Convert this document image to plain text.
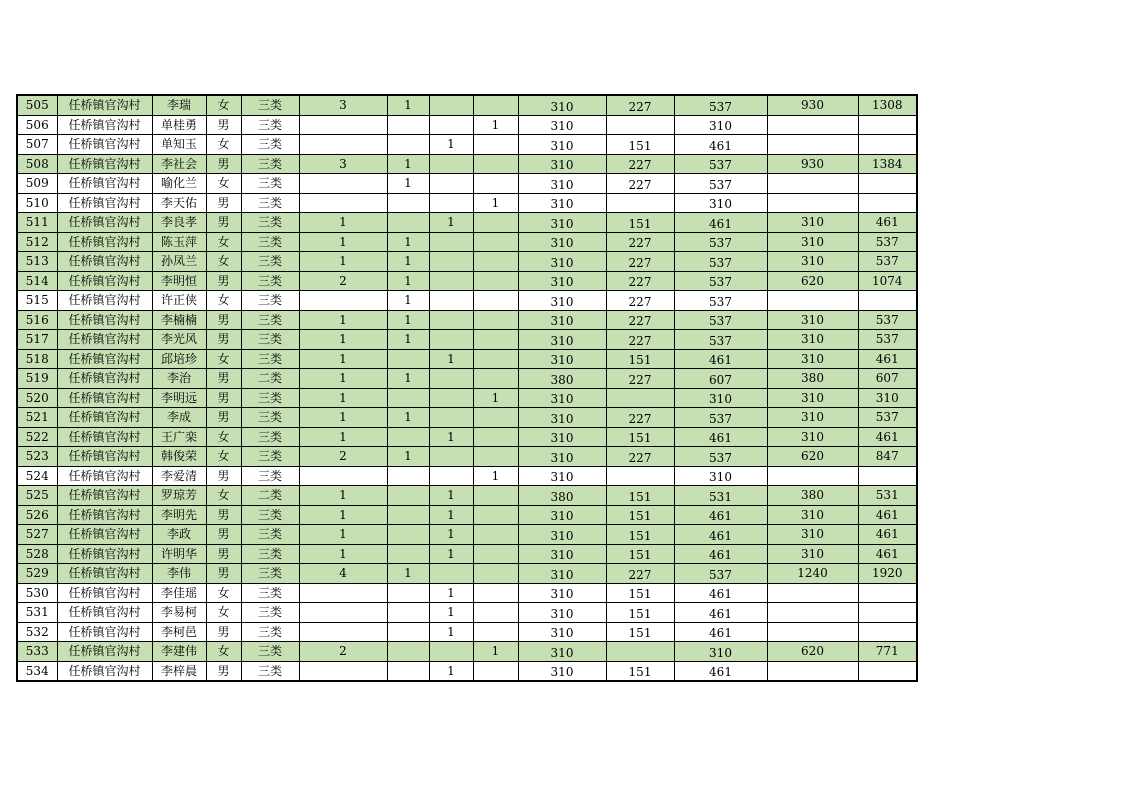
505	任桥镇官沟村	李瑞	女	三类	3	1			310	227	537	930	1308
506	任桥镇官沟村	单桂勇	男	三类				1	310		310		
507	任桥镇官沟村	单知玉	女	三类			1		310	151	461		
508	任桥镇官沟村	李社会	男	三类	3	1			310	227	537	930	1384
509	任桥镇官沟村	喻化兰	女	三类		1			310	227	537		
510	任桥镇官沟村	李天佑	男	三类				1	310		310		
511	任桥镇官沟村	李良孝	男	三类	1		1		310	151	461	310	461
512	任桥镇官沟村	陈玉萍	女	三类	1	1			310	227	537	310	537
513	任桥镇官沟村	孙凤兰	女	三类	1	1			310	227	537	310	537
514	任桥镇官沟村	李明恒	男	三类	2	1			310	227	537	620	1074
515	任桥镇官沟村	许正侠	女	三类		1			310	227	537		
516	任桥镇官沟村	李楠楠	男	三类	1	1			310	227	537	310	537
517	任桥镇官沟村	李光风	男	三类	1	1			310	227	537	310	537
518	任桥镇官沟村	邱培珍	女	三类	1		1		310	151	461	310	461
519	任桥镇官沟村	李治	男	二类	1	1			380	227	607	380	607
520	任桥镇官沟村	李明远	男	三类	1			1	310		310	310	310
521	任桥镇官沟村	李成	男	三类	1	1			310	227	537	310	537
522	任桥镇官沟村	王广栾	女	三类	1		1		310	151	461	310	461
523	任桥镇官沟村	韩俊荣	女	三类	2	1			310	227	537	620	847
524	任桥镇官沟村	李爱清	男	三类				1	310		310		
525	任桥镇官沟村	罗琼芳	女	二类	1		1		380	151	531	380	531
526	任桥镇官沟村	李明先	男	三类	1		1		310	151	461	310	461
527	任桥镇官沟村	李政	男	三类	1		1		310	151	461	310	461
528	任桥镇官沟村	许明华	男	三类	1		1		310	151	461	310	461
529	任桥镇官沟村	李伟	男	三类	4	1			310	227	537	1240	1920
530	任桥镇官沟村	李佳瑶	女	三类			1		310	151	461		
531	任桥镇官沟村	李易柯	女	三类			1		310	151	461		
532	任桥镇官沟村	李柯邑	男	三类			1		310	151	461		
533	任桥镇官沟村	李建伟	女	三类	2			1	310		310	620	771
534	任桥镇官沟村	李梓晨	男	三类			1		310	151	461		
